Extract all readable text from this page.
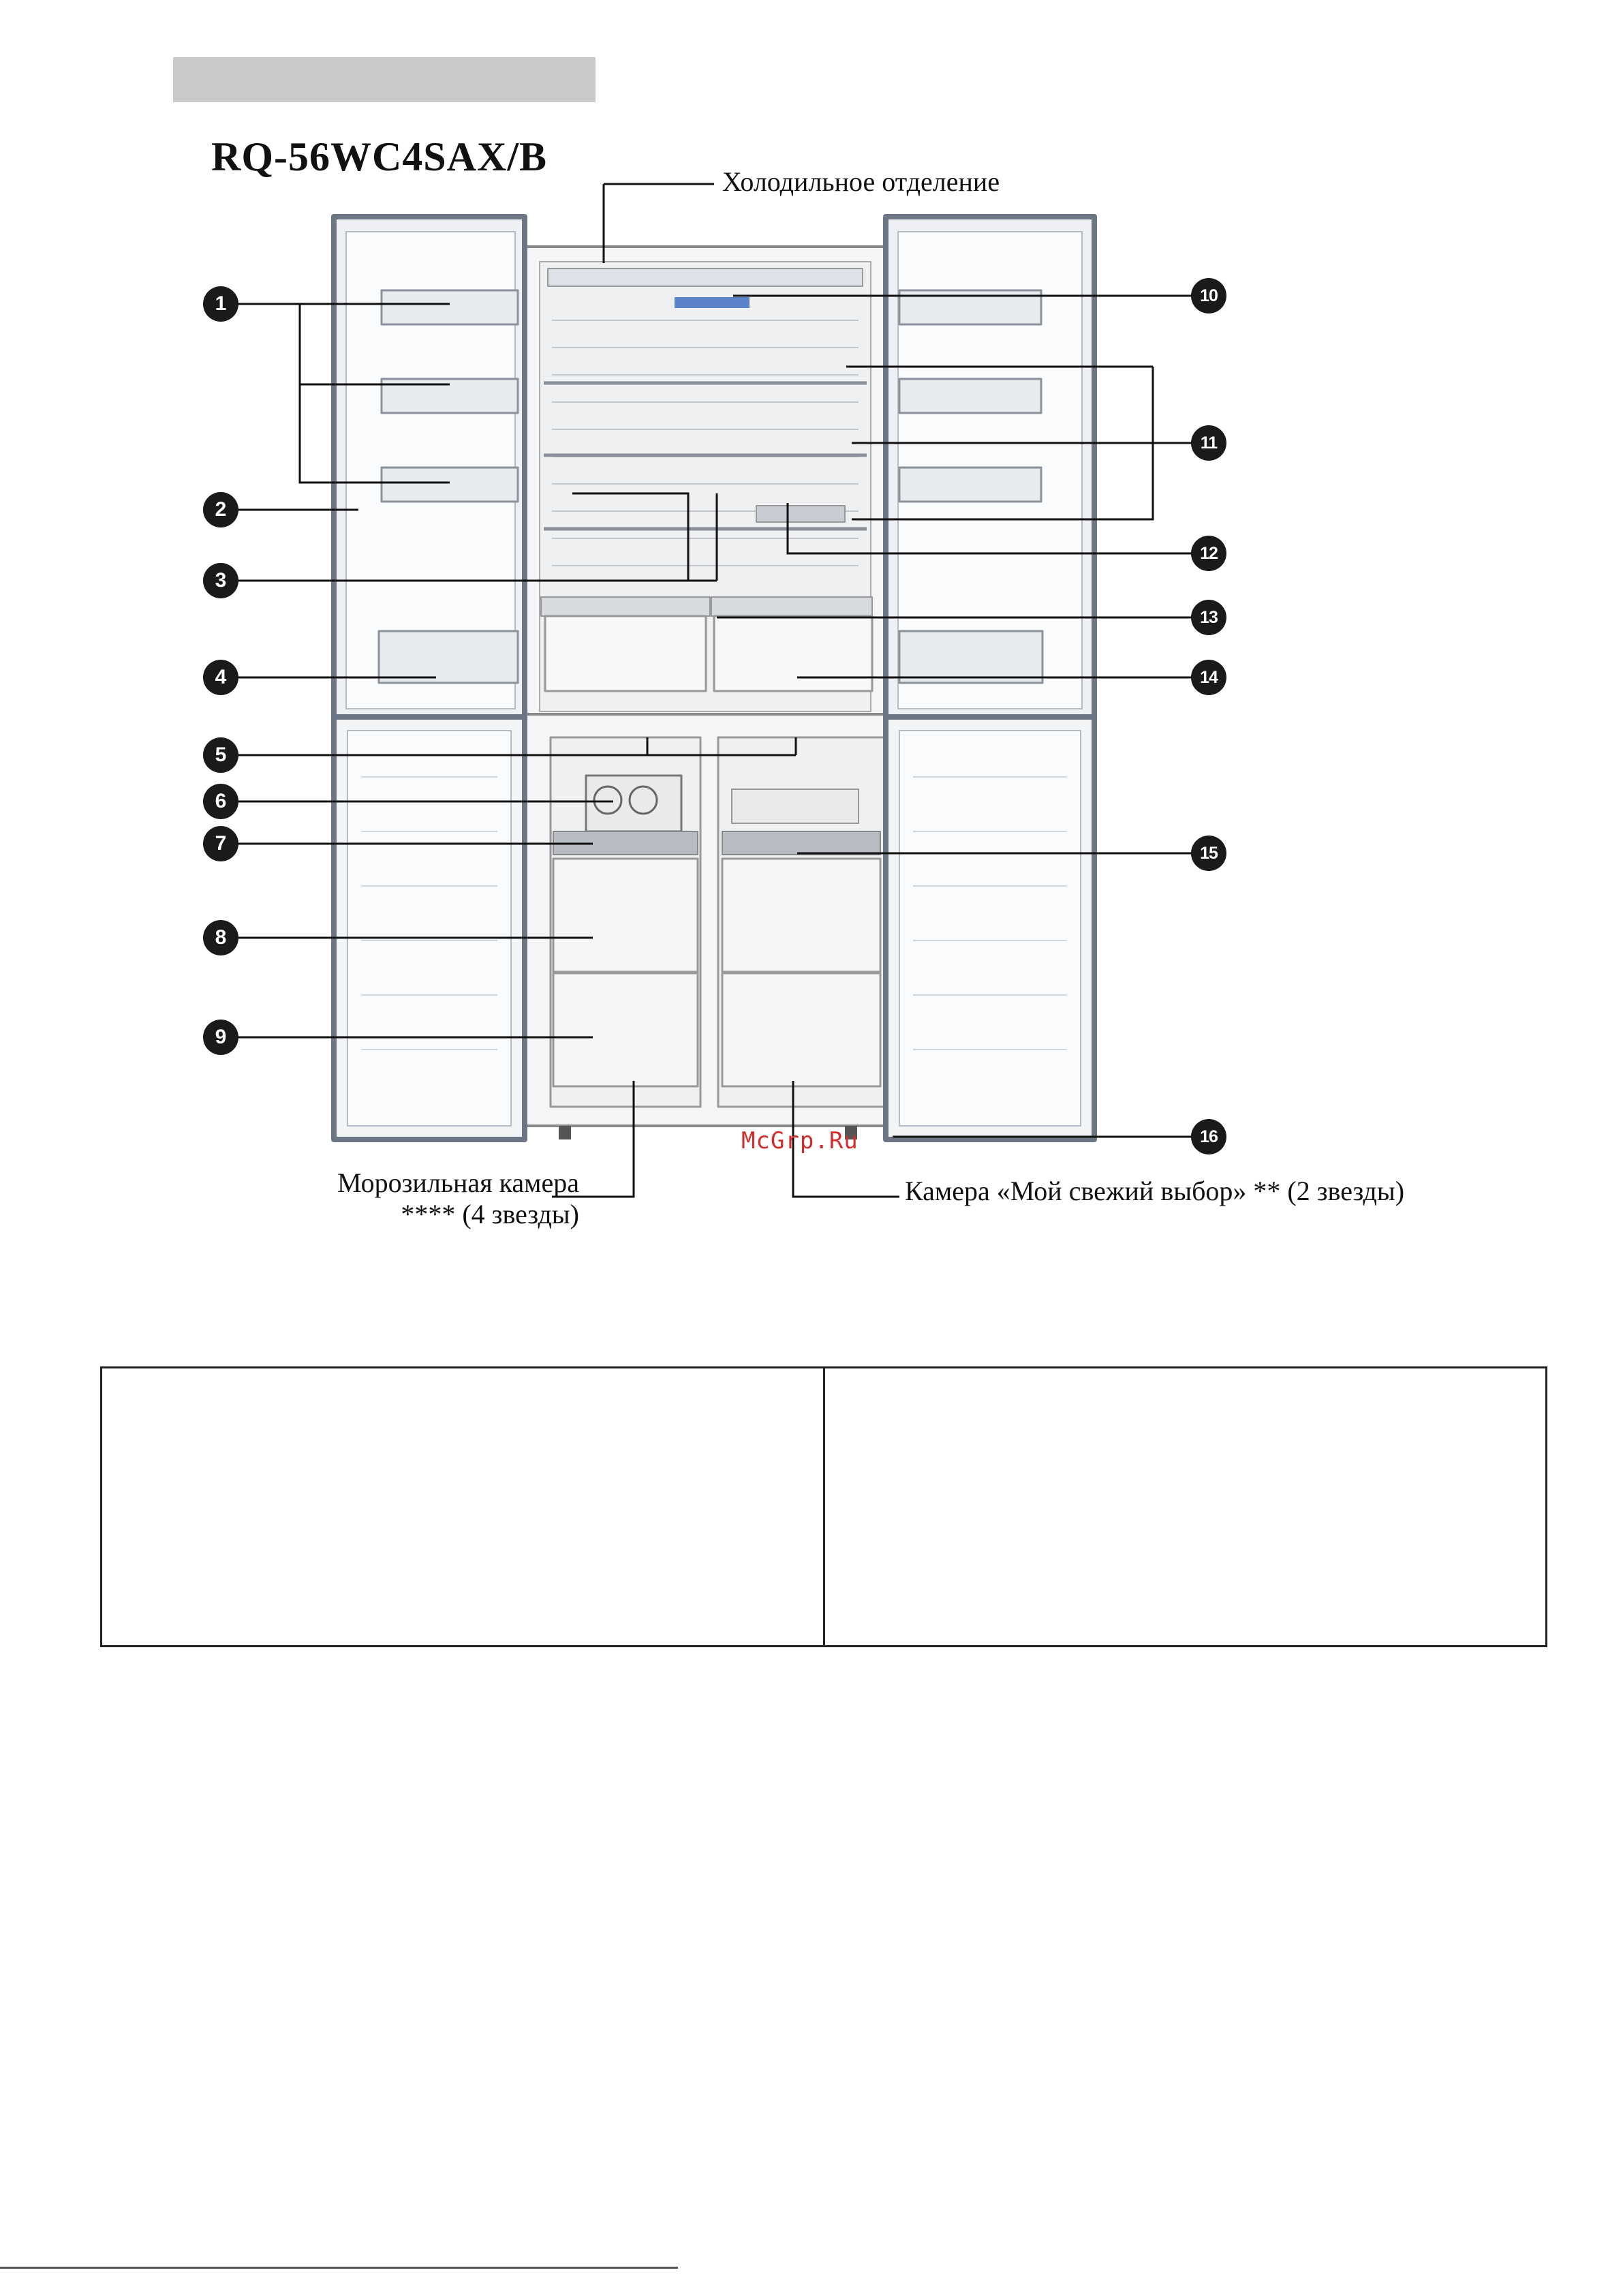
RQ-56WC4SAX/B
Холодильное отделение
Морозильная камера
**** (4 звезды)
Камера «Мой свежий выбор» ** (2 звезды)
McGrp.Ru
1
2
3
4
5
6
7
8
9
10
11
12
13
14
15
16
